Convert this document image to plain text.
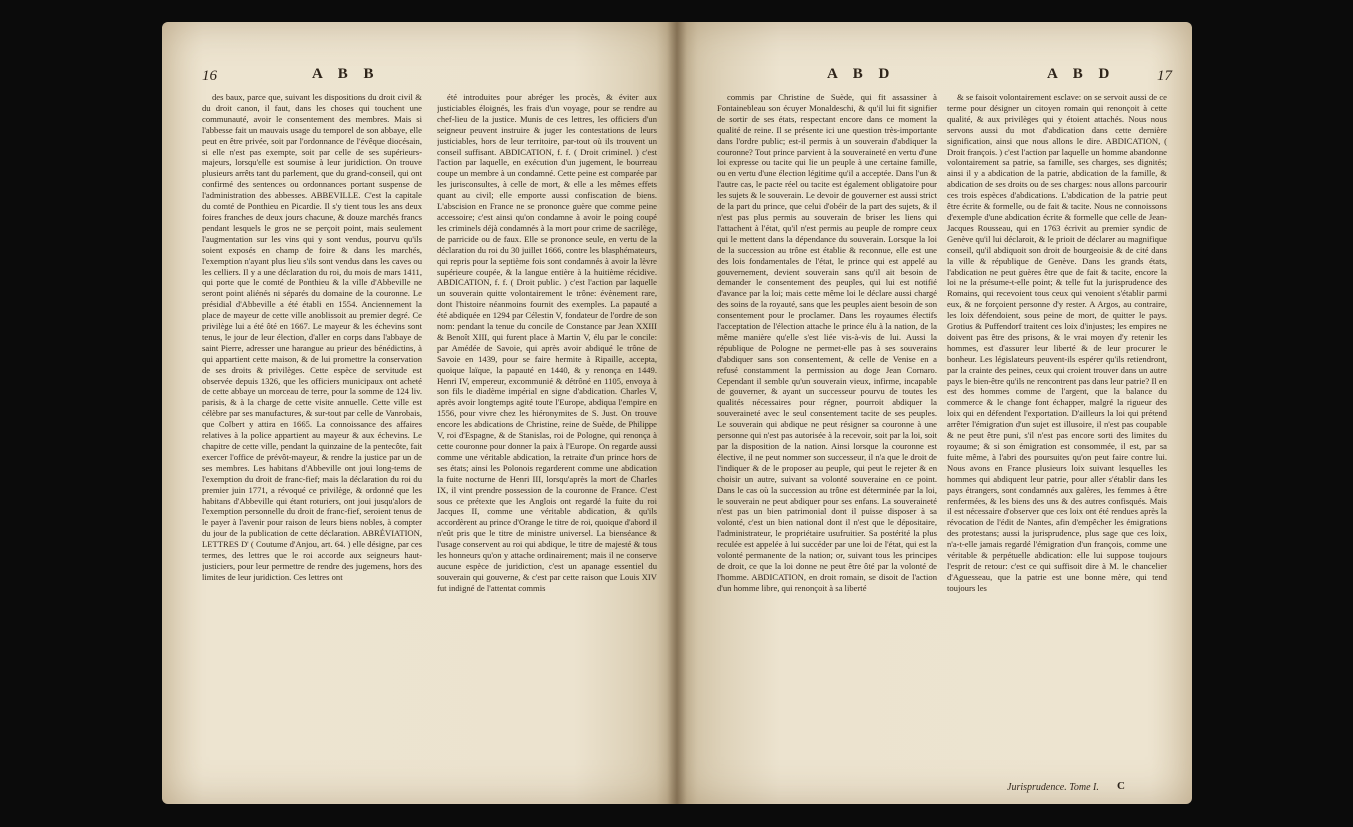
16	A B B

des baux, parce que, suivant les dispositions du droit civil & du droit canon, il faut, dans les choses qui touchent une communauté, avoir le consentement des membres. Mais si l'abbesse fait un mauvais usage du temporel de son abbaye, elle peut en être privée, soit par l'ordonnance de l'évêque diocésain, si elle n'est pas exempte, soit par celle de ses supérieurs-majeurs, lorsqu'elle est soumise à leur juridiction. On trouve plusieurs arrêts tant du parlement, que du grand-conseil, qui ont confirmé des sentences ou ordonnances portant suspense de l'administration des abbesses. ABBEVILLE. C'est la capitale du comté de Ponthieu en Picardie. Il s'y tient tous les ans deux foires franches de deux jours chacune, & douze marchés francs pendant lesquels le gros ne se perçoit point, mais seulement l'augmentation sur les vins qui y sont vendus, pourvu qu'ils soient exposés en champ de foire & dans les marchés, l'exemption n'ayant plus lieu s'ils sont vendus dans les caves ou les celliers. Il y a une déclaration du roi, du mois de mars 1411, qui porte que le comté de Ponthieu & la ville d'Abbeville ne seront point aliénés ni séparés du domaine de la couronne. Le présidial d'Abbeville a été établi en 1554. Anciennement la place de mayeur de cette ville anoblissoit au premier degré. Ce privilège lui a été ôté en 1667. Le mayeur & les échevins sont tenus, le jour de leur élection, d'aller en corps dans l'abbaye de saint Pierre, adresser une harangue au prieur des bénédictins, à qui appartient cette maison, & de lui promettre la conservation de ses droits & privilèges. Cette espèce de servitude est observée depuis 1326, que les officiers municipaux ont acheté de cette abbaye un morceau de terre, pour la somme de 124 liv. parisis, & à la charge de cette visite annuelle. Cette ville est célèbre par ses manufactures, & sur-tout par celle de Vanrobais, que Colbert y attira en 1665. La connoissance des affaires relatives à la police appartient au mayeur & aux échevins. Le chapitre de cette ville, pendant la quinzaine de la pentecôte, fait exercer l'office de prévôt-mayeur, & rendre la justice par un de ses membres. Les habitans d'Abbeville ont joui long-tems de l'exemption du droit de franc-fief; mais la déclaration du roi du premier juin 1771, a révoqué ce privilège, & ordonné que les habitans d'Abbeville qui étant roturiers, ont joui jusqu'alors de l'exemption personnelle du droit de franc-fief, seroient tenus de le payer à l'avenir pour raison de leurs biens nobles, à compter du jour de la publication de cette déclaration. ABRÉVIATION, LETTRES D' ( Coutume d'Anjou, art. 64. ) elle désigne, par ces termes, des lettres que le roi accorde aux seigneurs haut-justiciers, pour leur permettre de rendre des jugemens, hors des limites de leur juridiction. Ces lettres ont

été introduites pour abréger les procès, & éviter aux justiciables éloignés, les frais d'un voyage, pour se rendre au chef-lieu de la justice. Munis de ces lettres, les officiers d'un seigneur peuvent instruire & juger les contestations de leurs justiciables, hors de leur territoire, par-tout où ils trouvent un conseil suffisant. ABDICATION, f. f. ( Droit criminel. ) c'est l'action par laquelle, en exécution d'un jugement, le bourreau coupe un membre à un condamné. Cette peine est comparée par les jurisconsultes, à celle de mort, & elle a les mêmes effets quant au civil; elle emporte aussi confiscation de biens. L'abscision en France ne se prononce guère que comme peine accessoire; c'est ainsi qu'on condamne à avoir le poing coupé les criminels déjà condamnés à la mort pour crime de sacrilège, de parricide ou de faux. Elle se prononce seule, en vertu de la déclaration du roi du 30 juillet 1666, contre les blasphémateurs, qui repris pour la septième fois sont condamnés à avoir la lèvre supérieure coupée, & la langue entière à la huitième récidive. ABDICATION, f. f. ( Droit public. ) c'est l'action par laquelle un souverain quitte volontairement le trône: évènement rare, dont l'histoire néanmoins fournit des exemples. La papauté a été abdiquée en 1294 par Célestin V, fondateur de l'ordre de son nom: pendant la tenue du concile de Constance par Jean XXIII & Benoît XIII, qui furent place à Martin V, élu par le concile: par Amédée de Savoie, qui après avoir abdiqué le trône de Savoie en 1439, pour se faire hermite à Ripaille, accepta, quoique laïque, la papauté en 1440, & y renonça en 1449. Henri IV, empereur, excommunié & détrôné en 1105, envoya à son fils le diadème impérial en signe d'abdication. Charles V, après avoir longtemps agité toute l'Europe, abdiqua l'empire en 1556, pour vivre chez les hiéronymites de S. Just. On trouve encore les abdications de Christine, reine de Suède, de Philippe V, roi d'Espagne, & de Stanislas, roi de Pologne, qui renonça à cette couronne pour donner la paix à l'Europe. On regarde aussi comme une véritable abdication, la retraite d'un prince hors de ses états; ainsi les Polonois regarderent comme une abdication la fuite nocturne de Henri III, lorsqu'après la mort de Charles IX, il vint prendre possession de la couronne de France. C'est sous ce prétexte que les Anglois ont regardé la fuite du roi Jacques II, comme une véritable abdication, & qu'ils accordèrent au prince d'Orange le titre de roi, quoique d'abord il n'eût pris que le titre de ministre universel. La bienséance & l'usage conservent au roi qui abdique, le titre de majesté & tous les honneurs qu'on y attache ordinairement; mais il ne conserve aucune espèce de juridiction, c'est un apanage essentiel du souverain qui gouverne, & c'est par cette raison que Louis XIV fut indigné de l'attentat commis

A B D	A B D	17

commis par Christine de Suède, qui fit assassiner à Fontainebleau son écuyer Monaldeschi, & qu'il lui fit signifier de sortir de ses états, respectant encore dans ce moment la qualité de reine. Il se présente ici une question très-importante dans l'ordre public; est-il permis à un souverain d'abdiquer la couronne? Tout prince parvient à la souveraineté en vertu d'une loi expresse ou tacite qui lie un peuple à une certaine famille, ou en vertu d'une élection légitime qu'il a acceptée. Dans l'un & l'autre cas, le pacte réel ou tacite est également obligatoire pour les sujets & le souverain. Le devoir de gouverner est aussi strict de la part du prince, que celui d'obéir de la part des sujets, & il n'est pas plus permis au souverain de briser les liens qui l'attachent à l'état, qu'il n'est permis au peuple de rompre ceux qui le mettent dans la dépendance du souverain. Lorsque la loi de la succession au trône est établie & reconnue, elle est une des lois fondamentales de l'état, le prince qui est appelé au gouvernement, devient souverain sans qu'il ait besoin de demander le consentement des peuples, qui lui est notifié d'avance par la loi; mais cette même loi le déclare aussi chargé des soins de la royauté, sans que les peuples aient besoin de son consentement pour le proclamer. Dans les royaumes électifs l'acceptation de l'élection attache le prince élu à la nation, de la même manière qu'elle s'est liée vis-à-vis de lui. Aussi la république de Pologne ne permet-elle pas à ses souverains d'abdiquer sans son consentement, & celle de Venise en a refusé constamment la permission au doge Jean Cornaro. Cependant il semble qu'un souverain vieux, infirme, incapable de gouverner, & ayant un successeur pourvu de toutes les qualités nécessaires pour régner, pourroit abdiquer la souveraineté avec le seul consentement tacite de ses peuples. Le souverain qui abdique ne peut résigner sa couronne à une personne qui n'est pas autorisée à la recevoir, soit par la loi, soit par la disposition de la nation. Ainsi lorsque la couronne est élective, il ne peut nommer son successeur, il n'a que le droit de l'indiquer & de le proposer au peuple, qui peut le rejeter & en choisir un autre, suivant sa volonté souveraine en ce point. Dans le cas où la succession au trône est déterminée par la loi, le souverain ne peut abdiquer pour ses enfans. La souveraineté n'est pas un bien patrimonial dont il puisse disposer à sa volonté, c'est un bien national dont il n'est que le dépositaire, l'administrateur, le propriétaire usufruitier. Sa postérité la plus reculée est appelée à lui succéder par une loi de l'état, qui est la volonté permanente de la nation; or, suivant tous les principes de droit, ce que la loi donne ne peut être ôté par la volonté de l'homme. ABDICATION, en droit romain, se disoit de l'action d'un homme libre, qui renonçoit à sa liberté

& se faisoit volontairement esclave: on se servoit aussi de ce terme pour désigner un citoyen romain qui renonçoit à cette qualité, & aux privilèges qui y étoient attachés. Nous nous servons aussi du mot d'abdication dans cette dernière signification, ainsi que nous allons le dire. ABDICATION, ( Droit françois. ) c'est l'action par laquelle un homme abandonne volontairement sa patrie, sa famille, ses charges, ses dignités; ainsi il y a abdication de la patrie, abdication de la famille, & abdication de ses droits ou de ses charges: nous allons parcourir ces trois espèces d'abdications. L'abdication de la patrie peut être écrite & formelle, ou de fait & tacite. Nous ne connoissons d'exemple d'une abdication écrite & formelle que celle de Jean-Jacques Rousseau, qui en 1763 écrivit au premier syndic de Genève qu'il lui déclaroit, & le prioit de déclarer au magnifique conseil, qu'il abdiquoit son droit de bourgeoisie & de cité dans la ville & république de Genève. Dans les grands états, l'abdication ne peut guères être que de fait & tacite, encore la loi ne la présume-t-elle point; & telle fut la jurisprudence des Romains, qui recevoient tous ceux qui venoient s'établir parmi eux, & ne forçoient personne d'y rester. A Argos, au contraire, les loix défendoient, sous peine de mort, de quitter le pays. Grotius & Puffendorf traitent ces loix d'injustes; les empires ne doivent pas être des prisons, & le vrai moyen d'y retenir les hommes, est d'assurer leur liberté & de leur procurer le bonheur. Les législateurs peuvent-ils espérer qu'ils retiendront, par la crainte des peines, ceux qui croient trouver dans un autre pays le bien-être qu'ils ne rencontrent pas dans leur patrie? Il en est des hommes comme de l'argent, que la balance du commerce & le change font échapper, malgré la rigueur des loix qui en défendent l'exportation. D'ailleurs la loi qui prétend arrêter l'émigration d'un sujet est illusoire, il n'est pas coupable & ne peut être puni, s'il n'est pas encore sorti des limites du royaume; & si son émigration est consommée, il est, par sa fuite même, à l'abri des poursuites qu'on peut faire contre lui. Nous avons en France plusieurs loix suivant lesquelles les hommes qui abdiquent leur patrie, pour aller s'établir dans les pays étrangers, sont condamnés aux galères, les femmes à être renfermées, & les biens des uns & des autres confisqués. Mais il est nécessaire d'observer que ces loix ont été rendues après la révocation de l'édit de Nantes, afin d'empêcher les émigrations des protestans; aussi la jurisprudence, plus sage que ces loix, n'a-t-elle jamais regardé l'émigration d'un françois, comme une véritable & perpétuelle abdication: elle lui suppose toujours l'esprit de retour: c'est ce qui suffisoit dire à M. le chancelier d'Aguesseau, que la patrie est une bonne mère, qui tend toujours les

Jurisprudence. Tome I. C
